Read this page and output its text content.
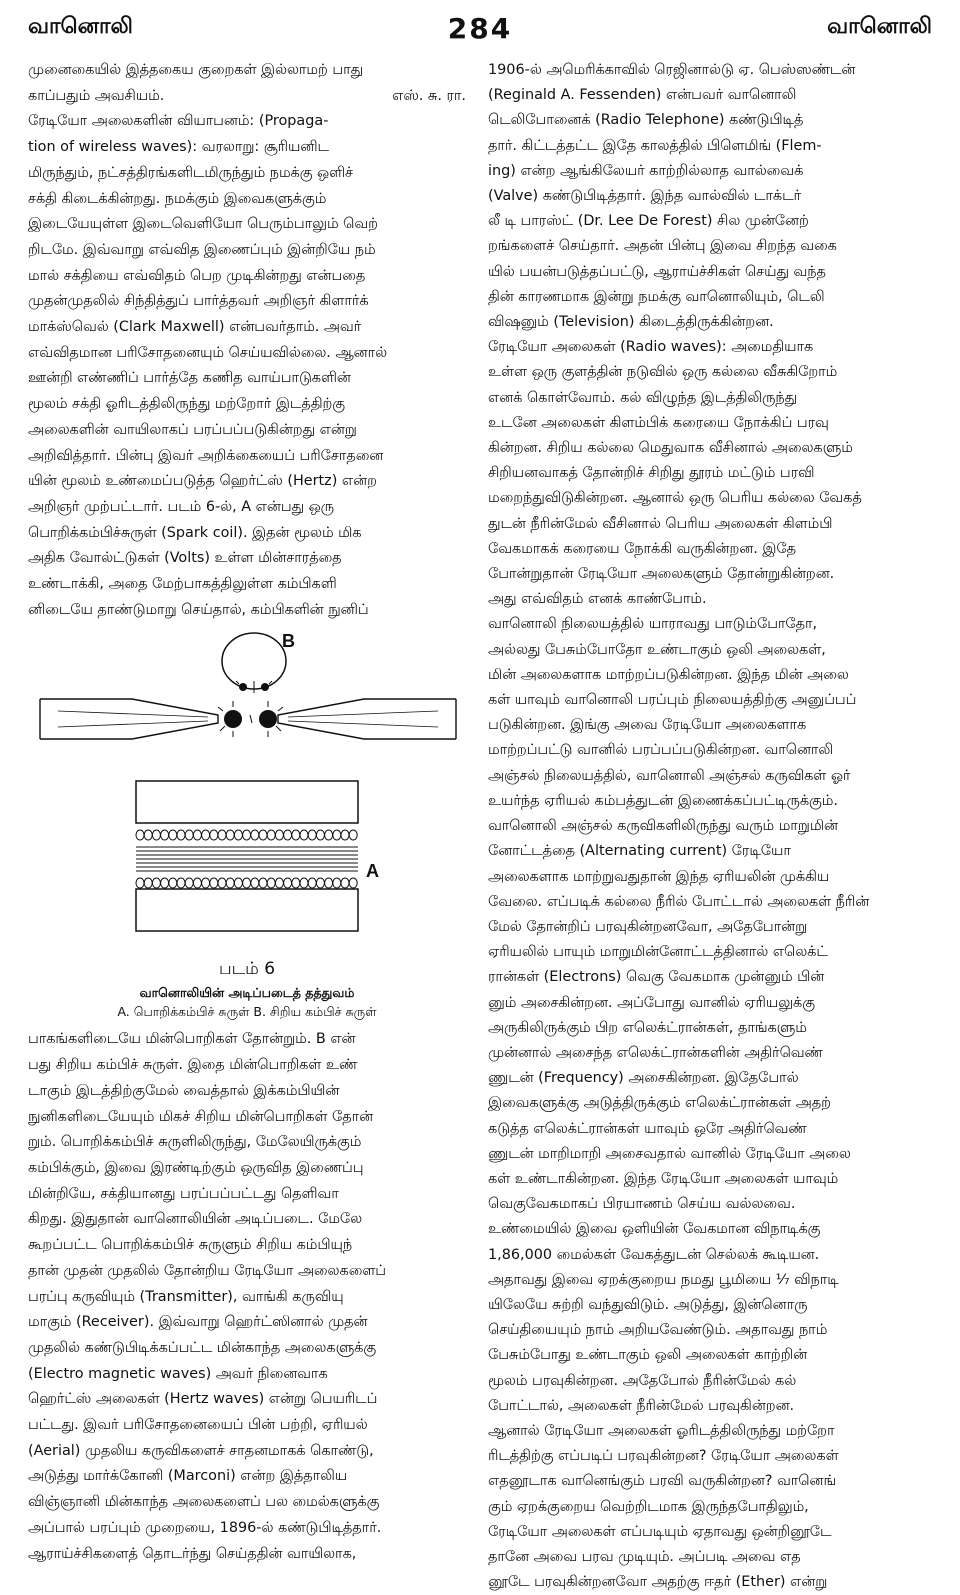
வானொலி	284	வானொலி

முனைகையில் இத்தகைய குறைகள் இல்லாமற் பாது
காப்பதும் அவசியம்.	எஸ். சு. ரா.

ரேடியோ அலைகளின் வியாபனம்: (Propaga-
tion of wireless waves): வரலாறு: சூரியனிட
மிருந்தும், நட்சத்திரங்களிடமிருந்தும் நமக்கு ஒளிச்
சக்தி கிடைக்கின்றது. நமக்கும் இவைகளுக்கும்
இடையேயுள்ள இடைவெளியோ பெரும்பாலும் வெற்
றிடமே. இவ்வாறு எவ்வித இணைப்பும் இன்றியே நம்
மால் சக்தியை எவ்விதம் பெற முடிகின்றது என்பதை
முதன்முதலில் சிந்தித்துப் பார்த்தவர் அறிஞர் கிளார்க்
மாக்ஸ்வெல் (Clark Maxwell) என்பவர்தாம். அவர்
எவ்விதமான பரிசோதனையும் செய்யவில்லை. ஆனால்
ஊன்றி எண்ணிப் பார்த்தே கணித வாய்பாடுகளின்
மூலம் சக்தி ஓரிடத்திலிருந்து மற்றோர் இடத்திற்கு
அலைகளின் வாயிலாகப் பரப்பப்படுகின்றது என்று
அறிவித்தார். பின்பு இவர் அறிக்கையைப் பரிசோதனை
யின் மூலம் உண்மைப்படுத்த ஹெர்ட்ஸ் (Hertz) என்ற
அறிஞர் முற்பட்டார். படம் 6-ல், A என்பது ஒரு
பொறிக்கம்பிச்சுருள் (Spark coil). இதன் மூலம் மிக
அதிக வோல்ட்டுகள் (Volts) உள்ள மின்சாரத்தை
உண்டாக்கி, அதை மேற்பாகத்திலுள்ள கம்பிகளி
னிடையே தாண்டுமாறு செய்தால், கம்பிகளின் நுனிப்

B
A
படம் 6
வானொலியின் அடிப்படைத் தத்துவம்
A. பொறிக்கம்பிச் சுருள் B. சிறிய கம்பிச் சுருள்

பாகங்களிடையே மின்பொறிகள் தோன்றும். B என்
பது சிறிய கம்பிச் சுருள். இதை மின்பொறிகள் உண்
டாகும் இடத்திற்குமேல் வைத்தால் இக்கம்பியின்
நுனிகளிடையேயும் மிகச் சிறிய மின்பொறிகள் தோன்
றும். பொறிக்கம்பிச் சுருளிலிருந்து, மேலேயிருக்கும்
கம்பிக்கும், இவை இரண்டிற்கும் ஒருவித இணைப்பு
மின்றியே, சக்தியானது பரப்பப்பட்டது தெளிவா
கிறது. இதுதான் வானொலியின் அடிப்படை. மேலே
கூறப்பட்ட பொறிக்கம்பிச் சுருளும் சிறிய கம்பியுந்
தான் முதன் முதலில் தோன்றிய ரேடியோ அலைகளைப்
பரப்பு கருவியும் (Transmitter), வாங்கி கருவியு
மாகும் (Receiver). இவ்வாறு ஹெர்ட்ஸினால் முதன்
முதலில் கண்டுபிடிக்கப்பட்ட மின்காந்த அலைகளுக்கு
(Electro magnetic waves) அவர் நினைவாக
ஹெர்ட்ஸ் அலைகள் (Hertz waves) என்று பெயரிடப்
பட்டது. இவர் பரிசோதனையைப் பின் பற்றி, ஏரியல்
(Aerial) முதலிய கருவிகளைச் சாதனமாகக் கொண்டு,
அடுத்து மார்க்கோனி (Marconi) என்ற இத்தாலிய
விஞ்ஞானி மின்காந்த அலைகளைப் பல மைல்களுக்கு
அப்பால் பரப்பும் முறையை, 1896-ல் கண்டுபிடித்தார்.
ஆராய்ச்சிகளைத் தொடர்ந்து செய்ததின் வாயிலாக,

1906-ல் அமெரிக்காவில் ரெஜினால்டு ஏ. பெஸ்ஸண்டன்
(Reginald A. Fessenden) என்பவர் வானொலி
டெலிபோனைக் (Radio Telephone) கண்டுபிடித்
தார். கிட்டத்தட்ட இதே காலத்தில் பிளெமிங் (Flem-
ing) என்ற ஆங்கிலேயர் காற்றில்லாத வால்வைக்
(Valve) கண்டுபிடித்தார். இந்த வால்வில் டாக்டர்
லீ டி பாரஸ்ட் (Dr. Lee De Forest) சில முன்னேற்
றங்களைச் செய்தார். அதன் பின்பு இவை சிறந்த வகை
யில் பயன்படுத்தப்பட்டு, ஆராய்ச்சிகள் செய்து வந்த
தின் காரணமாக இன்று நமக்கு வானொலியும், டெலி
விஷனும் (Television) கிடைத்திருக்கின்றன.

ரேடியோ அலைகள் (Radio waves): அமைதியாக
உள்ள ஒரு குளத்தின் நடுவில் ஒரு கல்லை வீசுகிறோம்
எனக் கொள்வோம். கல் விழுந்த இடத்திலிருந்து
உடனே அலைகள் கிளம்பிக் கரையை நோக்கிப் பரவு
கின்றன. சிறிய கல்லை மெதுவாக வீசினால் அலைகளும்
சிறியனவாகத் தோன்றிச் சிறிது தூரம் மட்டும் பரவி
மறைந்துவிடுகின்றன. ஆனால் ஒரு பெரிய கல்லை வேகத்
துடன் நீரின்மேல் வீசினால் பெரிய அலைகள் கிளம்பி
வேகமாகக் கரையை நோக்கி வருகின்றன. இதே
போன்றுதான் ரேடியோ அலைகளும் தோன்றுகின்றன.
அது எவ்விதம் எனக் காண்போம்.

வானொலி நிலையத்தில் யாராவது பாடும்போதோ,
அல்லது பேசும்போதோ உண்டாகும் ஒலி அலைகள்,
மின் அலைகளாக மாற்றப்படுகின்றன. இந்த மின் அலை
கள் யாவும் வானொலி பரப்பும் நிலையத்திற்கு அனுப்பப்
படுகின்றன. இங்கு அவை ரேடியோ அலைகளாக
மாற்றப்பட்டு வானில் பரப்பப்படுகின்றன. வானொலி
அஞ்சல் நிலையத்தில், வானொலி அஞ்சல் கருவிகள் ஓர்
உயர்ந்த ஏரியல் கம்பத்துடன் இணைக்கப்பட்டிருக்கும்.
வானொலி அஞ்சல் கருவிகளிலிருந்து வரும் மாறுமின்
னோட்டத்தை (Alternating current) ரேடியோ
அலைகளாக மாற்றுவதுதான் இந்த ஏரியலின் முக்கிய
வேலை. எப்படிக் கல்லை நீரில் போட்டால் அலைகள் நீரின்
மேல் தோன்றிப் பரவுகின்றனவோ, அதேபோன்று
ஏரியலில் பாயும் மாறுமின்னோட்டத்தினால் எலெக்ட்
ரான்கள் (Electrons) வெகு வேகமாக முன்னும் பின்
னும் அசைகின்றன. அப்போது வானில் ஏரியலுக்கு
அருகிலிருக்கும் பிற எலெக்ட்ரான்கள், தாங்களும்
முன்னால் அசைந்த எலெக்ட்ரான்களின் அதிர்வெண்
ணுடன் (Frequency) அசைகின்றன. இதேபோல்
இவைகளுக்கு அடுத்திருக்கும் எலெக்ட்ரான்கள் அதற்
கடுத்த எலெக்ட்ரான்கள் யாவும் ஒரே அதிர்வெண்
ணுடன் மாறிமாறி அசைவதால் வானில் ரேடியோ அலை
கள் உண்டாகின்றன. இந்த ரேடியோ அலைகள் யாவும்
வெகுவேகமாகப் பிரயாணம் செய்ய வல்லவை.
உண்மையில் இவை ஒளியின் வேகமான விநாடிக்கு
1,86,000 மைல்கள் வேகத்துடன் செல்லக் கூடியன.
அதாவது இவை ஏறக்குறைய நமது பூமியை ⅐ விநாடி
யிலேயே சுற்றி வந்துவிடும். அடுத்து, இன்னொரு
செய்தியையும் நாம் அறியவேண்டும். அதாவது நாம்
பேசும்போது உண்டாகும் ஒலி அலைகள் காற்றின்
மூலம் பரவுகின்றன. அதேபோல் நீரின்மேல் கல்
போட்டால், அலைகள் நீரின்மேல் பரவுகின்றன.
ஆனால் ரேடியோ அலைகள் ஓரிடத்திலிருந்து மற்றோ
ரிடத்திற்கு எப்படிப் பரவுகின்றன? ரேடியோ அலைகள்
எதனூடாக வானெங்கும் பரவி வருகின்றன? வானெங்
கும் ஏறக்குறைய வெற்றிடமாக இருந்தபோதிலும்,
ரேடியோ அலைகள் எப்படியும் ஏதாவது ஒன்றினூடே
தானே அவை பரவ முடியும். அப்படி அவை எத
னூடே பரவுகின்றனவோ அதற்கு ஈதர் (Ether) என்று
